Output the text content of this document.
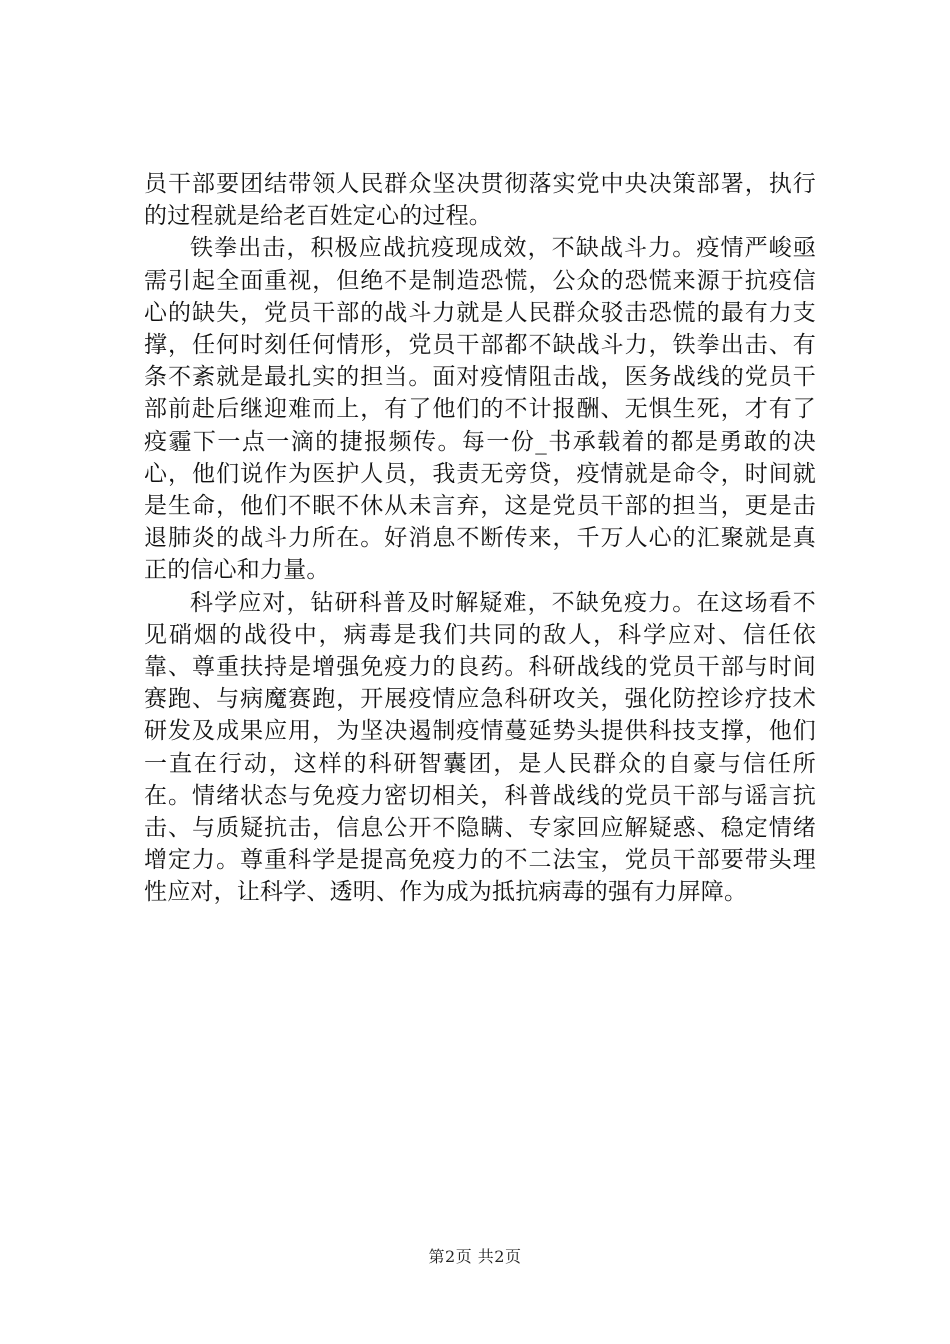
员干部要团结带领人民群众坚决贯彻落实党中央决策部署，执行的过程就是给老百姓定心的过程。

铁拳出击，积极应战抗疫现成效，不缺战斗力。疫情严峻亟需引起全面重视，但绝不是制造恐慌，公众的恐慌来源于抗疫信心的缺失，党员干部的战斗力就是人民群众驳击恐慌的最有力支撑，任何时刻任何情形，党员干部都不缺战斗力，铁拳出击、有条不紊就是最扎实的担当。面对疫情阻击战，医务战线的党员干部前赴后继迎难而上，有了他们的不计报酬、无惧生死，才有了疫霾下一点一滴的捷报频传。每一份_书承载着的都是勇敢的决心，他们说作为医护人员，我责无旁贷，疫情就是命令，时间就是生命，他们不眠不休从未言弃，这是党员干部的担当，更是击退肺炎的战斗力所在。好消息不断传来，千万人心的汇聚就是真正的信心和力量。

科学应对，钻研科普及时解疑难，不缺免疫力。在这场看不见硝烟的战役中，病毒是我们共同的敌人，科学应对、信任依靠、尊重扶持是增强免疫力的良药。科研战线的党员干部与时间赛跑、与病魔赛跑，开展疫情应急科研攻关，强化防控诊疗技术研发及成果应用，为坚决遏制疫情蔓延势头提供科技支撑，他们一直在行动，这样的科研智囊团，是人民群众的自豪与信任所在。情绪状态与免疫力密切相关，科普战线的党员干部与谣言抗击、与质疑抗击，信息公开不隐瞒、专家回应解疑惑、稳定情绪增定力。尊重科学是提高免疫力的不二法宝，党员干部要带头理性应对，让科学、透明、作为成为抵抗病毒的强有力屏障。

第2页 共2页
